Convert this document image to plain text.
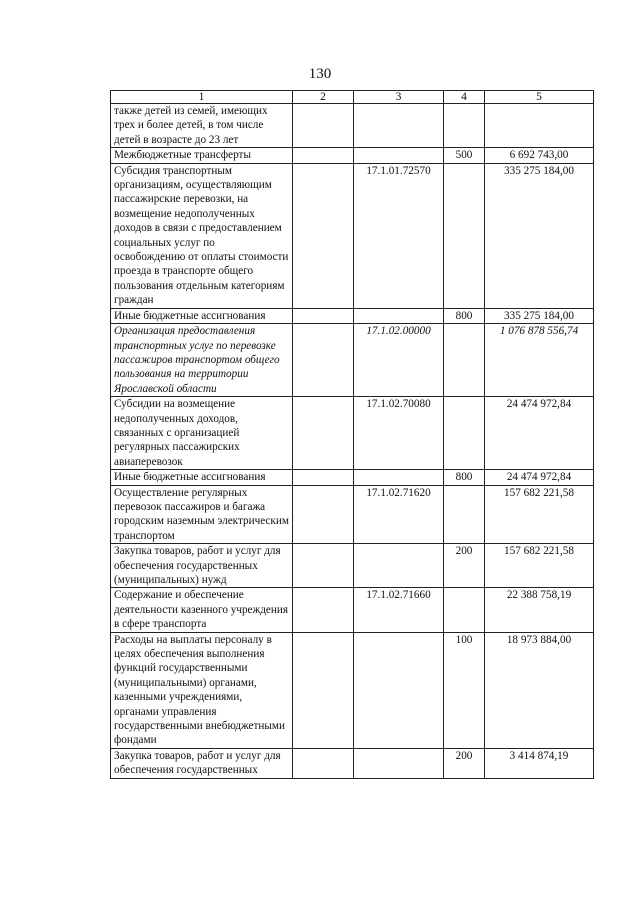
130
1	2	3	4	5
также детей из семей, имеющих трех и более детей, в том числе детей в возрасте до 23 лет				
Межбюджетные трансферты			500	6 692 743,00
Субсидия транспортным организациям, осуществляющим пассажирские перевозки, на возмещение недополученных доходов в связи с предоставлением социальных услуг по освобождению от оплаты стоимости проезда в транспорте общего пользования отдельным категориям граждан		17.1.01.72570		335 275 184,00
Иные бюджетные ассигнования			800	335 275 184,00
Организация предоставления транспортных услуг по перевозке пассажиров транспортом общего пользования на территории Ярославской области		17.1.02.00000		1 076 878 556,74
Субсидии на возмещение недополученных доходов, связанных с организацией регулярных пассажирских авиаперевозок		17.1.02.70080		24 474 972,84
Иные бюджетные ассигнования			800	24 474 972,84
Осуществление регулярных перевозок пассажиров и багажа городским наземным электрическим транспортом		17.1.02.71620		157 682 221,58
Закупка товаров, работ и услуг для обеспечения государственных (муниципальных) нужд			200	157 682 221,58
Содержание и обеспечение деятельности казенного учреждения в сфере транспорта		17.1.02.71660		22 388 758,19
Расходы на выплаты персоналу в целях обеспечения выполнения функций государственными (муниципальными) органами, казенными учреждениями, органами управления государственными внебюджетными фондами			100	18 973 884,00
Закупка товаров, работ и услуг для обеспечения государственных			200	3 414 874,19
